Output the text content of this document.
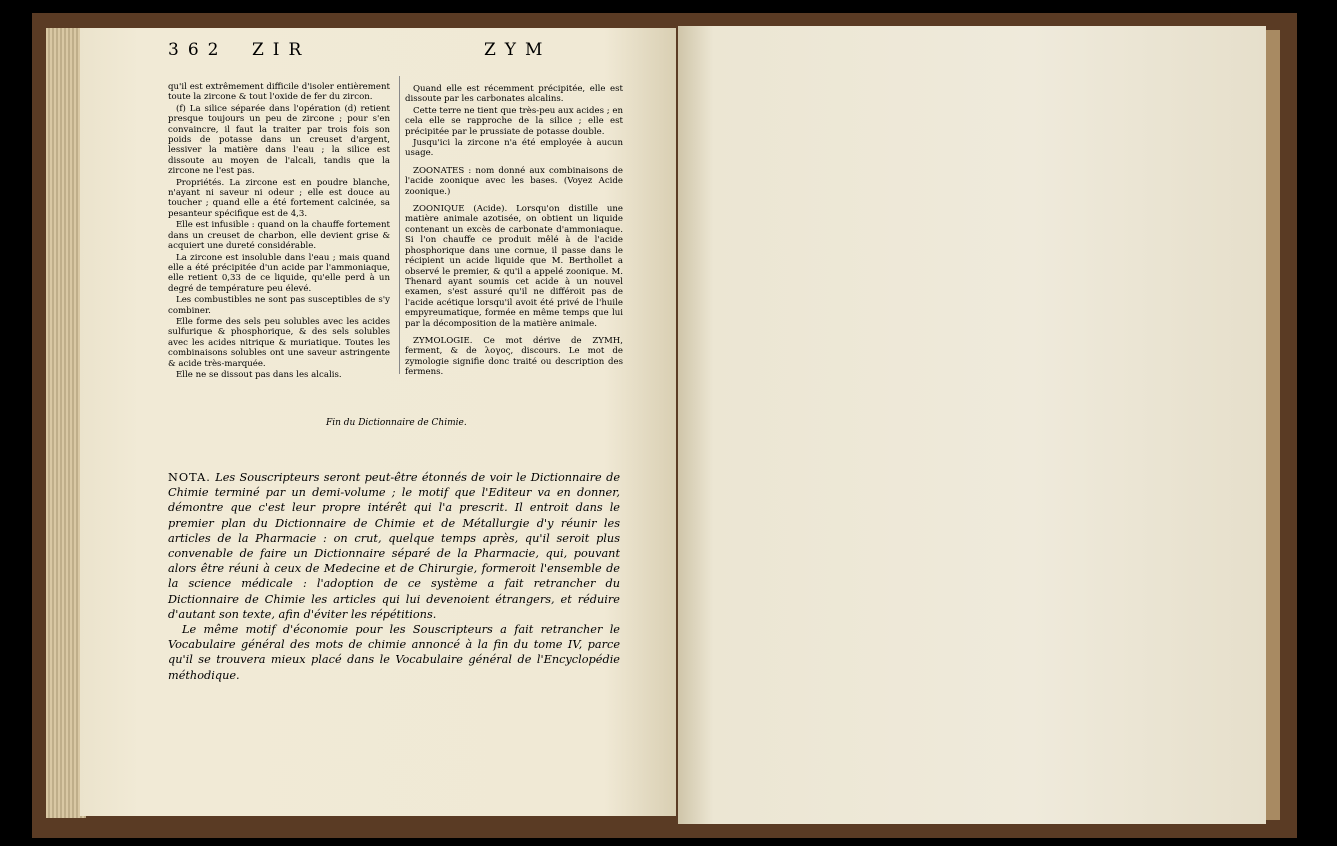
362 ZIR	ZYM

qu'il est extrêmement difficile d'isoler entièrement toute la zircone & tout l'oxide de fer du zircon.

(f) La silice séparée dans l'opération (d) retient presque toujours un peu de zircone ; pour s'en convaincre, il faut la traiter par trois fois son poids de potasse dans un creuset d'argent, lessiver la matière dans l'eau ; la silice est dissoute au moyen de l'alcali, tandis que la zircone ne l'est pas.

Propriétés. La zircone est en poudre blanche, n'ayant ni saveur ni odeur ; elle est douce au toucher ; quand elle a été fortement calcinée, sa pesanteur spécifique est de 4,3.

Elle est infusible : quand on la chauffe fortement dans un creuset de charbon, elle devient grise & acquiert une dureté considérable.

La zircone est insoluble dans l'eau ; mais quand elle a été précipitée d'un acide par l'ammoniaque, elle retient 0,33 de ce liquide, qu'elle perd à un degré de température peu élevé.

Les combustibles ne sont pas susceptibles de s'y combiner.

Elle forme des sels peu solubles avec les acides sulfurique & phosphorique, & des sels solubles avec les acides nitrique & muriatique. Toutes les combinaisons solubles ont une saveur astringente & acide très-marquée.

Elle ne se dissout pas dans les alcalis.

Quand elle est récemment précipitée, elle est dissoute par les carbonates alcalins.

Cette terre ne tient que très-peu aux acides ; en cela elle se rapproche de la silice ; elle est précipitée par le prussiate de potasse double.

Jusqu'ici la zircone n'a été employée à aucun usage.

ZOONATES : nom donné aux combinaisons de l'acide zoonique avec les bases. (Voyez Acide zoonique.)

ZOONIQUE (Acide). Lorsqu'on distille une matière animale azotisée, on obtient un liquide contenant un excès de carbonate d'ammoniaque. Si l'on chauffe ce produit mêlé à de l'acide phosphorique dans une cornue, il passe dans le récipient un acide liquide que M. Berthollet a observé le premier, & qu'il a appelé zoonique. M. Thenard ayant soumis cet acide à un nouvel examen, s'est assuré qu'il ne différoit pas de l'acide acétique lorsqu'il avoit été privé de l'huile empyreumatique, formée en même temps que lui par la décomposition de la matière animale.

ZYMOLOGIE. Ce mot dérive de ZYMH, ferment, & de λογος, discours. Le mot de zymologie signifie donc traité ou description des fermens.

Fin du Dictionnaire de Chimie.

NOTA. Les Souscripteurs seront peut-être étonnés de voir le Dictionnaire de Chimie terminé par un demi-volume ; le motif que l'Editeur va en donner, démontre que c'est leur propre intérêt qui l'a prescrit. Il entroit dans le premier plan du Dictionnaire de Chimie et de Métallurgie d'y réunir les articles de la Pharmacie : on crut, quelque temps après, qu'il seroit plus convenable de faire un Dictionnaire séparé de la Pharmacie, qui, pouvant alors être réuni à ceux de Medecine et de Chirurgie, formeroit l'ensemble de la science médicale : l'adoption de ce système a fait retrancher du Dictionnaire de Chimie les articles qui lui devenoient étrangers, et réduire d'autant son texte, afin d'éviter les répétitions.

Le même motif d'économie pour les Souscripteurs a fait retrancher le Vocabulaire général des mots de chimie annoncé à la fin du tome IV, parce qu'il se trouvera mieux placé dans le Vocabulaire général de l'Encyclopédie méthodique.
